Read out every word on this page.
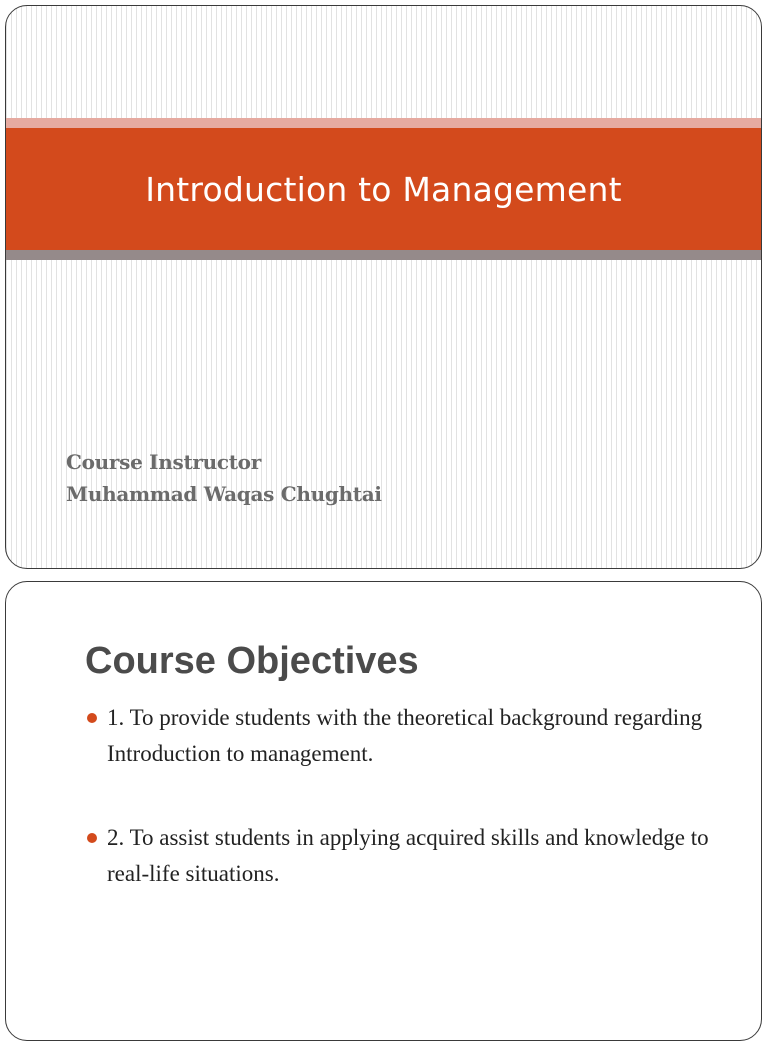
Introduction to Management
Course Instructor
Muhammad Waqas Chughtai
Course Objectives
1. To provide students with the theoretical background regarding Introduction to management.
2. To assist students in applying acquired skills and knowledge to real-life situations.
